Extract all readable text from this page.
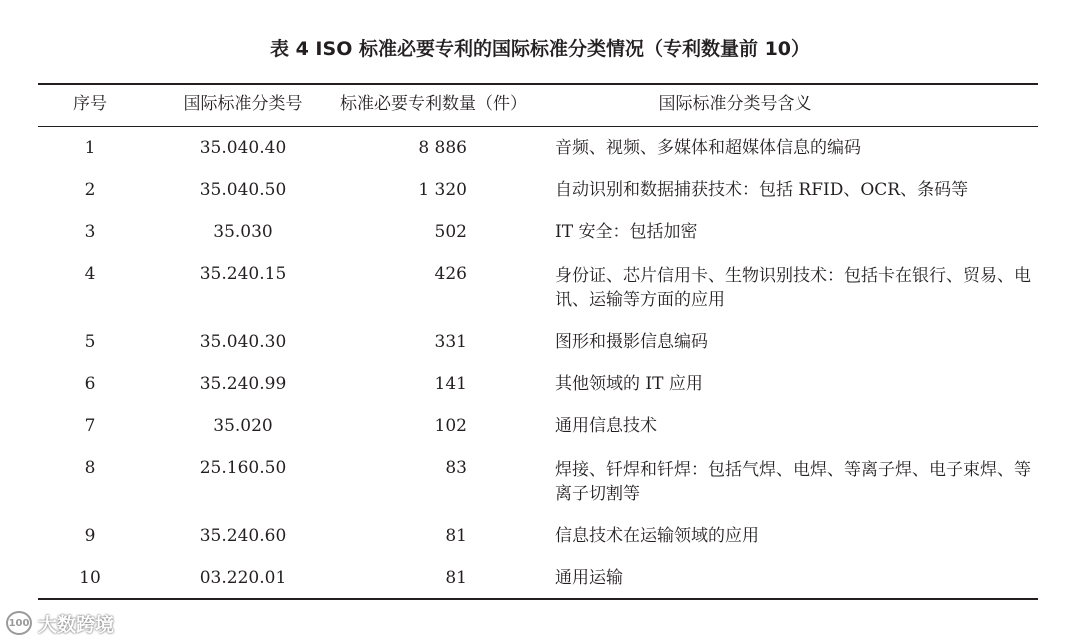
表 4 ISO 标准必要专利的国际标准分类情况（专利数量前 10）
序号	国际标准分类号	标准必要专利数量（件）	国际标准分类号含义
1	35.040.40	8 886	音频、视频、多媒体和超媒体信息的编码
2	35.040.50	1 320	自动识别和数据捕获技术：包括 RFID、OCR、条码等
3	35.030	502	IT 安全：包括加密
4	35.240.15	426	身份证、芯片信用卡、生物识别技术：包括卡在银行、贸易、电讯、运输等方面的应用
5	35.040.30	331	图形和摄影信息编码
6	35.240.99	141	其他领域的 IT 应用
7	35.020	102	通用信息技术
8	25.160.50	83	焊接、钎焊和钎焊：包括气焊、电焊、等离子焊、电子束焊、等离子切割等
9	35.240.60	81	信息技术在运输领域的应用
10	03.220.01	81	通用运输
100 大数跨境
